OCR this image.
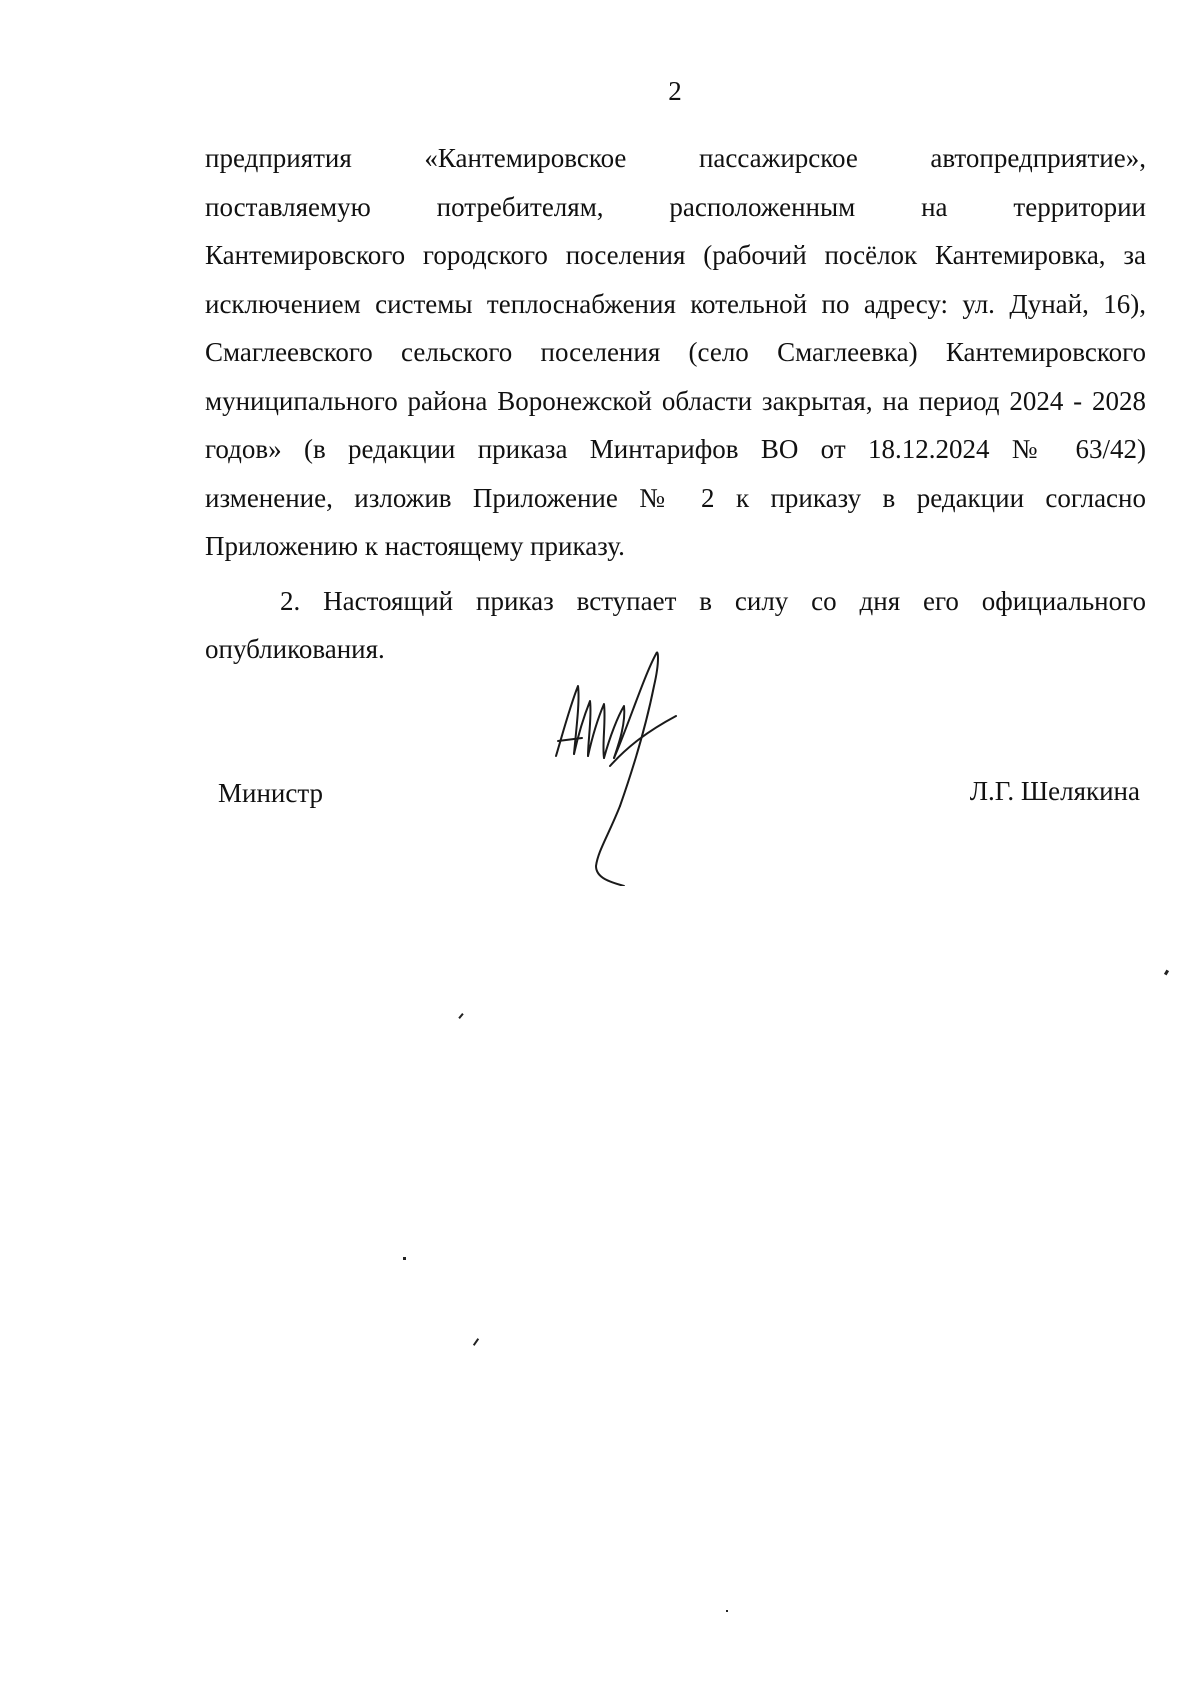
2

предприятия «Кантемировское пассажирское автопредприятие»,

поставляемую потребителям, расположенным на территории

Кантемировского городского поселения (рабочий посёлок Кантемировка, за

исключением системы теплоснабжения котельной по адресу: ул. Дунай, 16),

Смаглеевского сельского поселения (село Смаглеевка) Кантемировского

муниципального района Воронежской области закрытая, на период 2024 - 2028

годов» (в редакции приказа Минтарифов ВО от 18.12.2024 № 63/42)

изменение, изложив Приложение № 2 к приказу в редакции согласно

Приложению к настоящему приказу.

2. Настоящий приказ вступает в силу со дня его официального опубликования.

Министр	Л.Г. Шелякина
